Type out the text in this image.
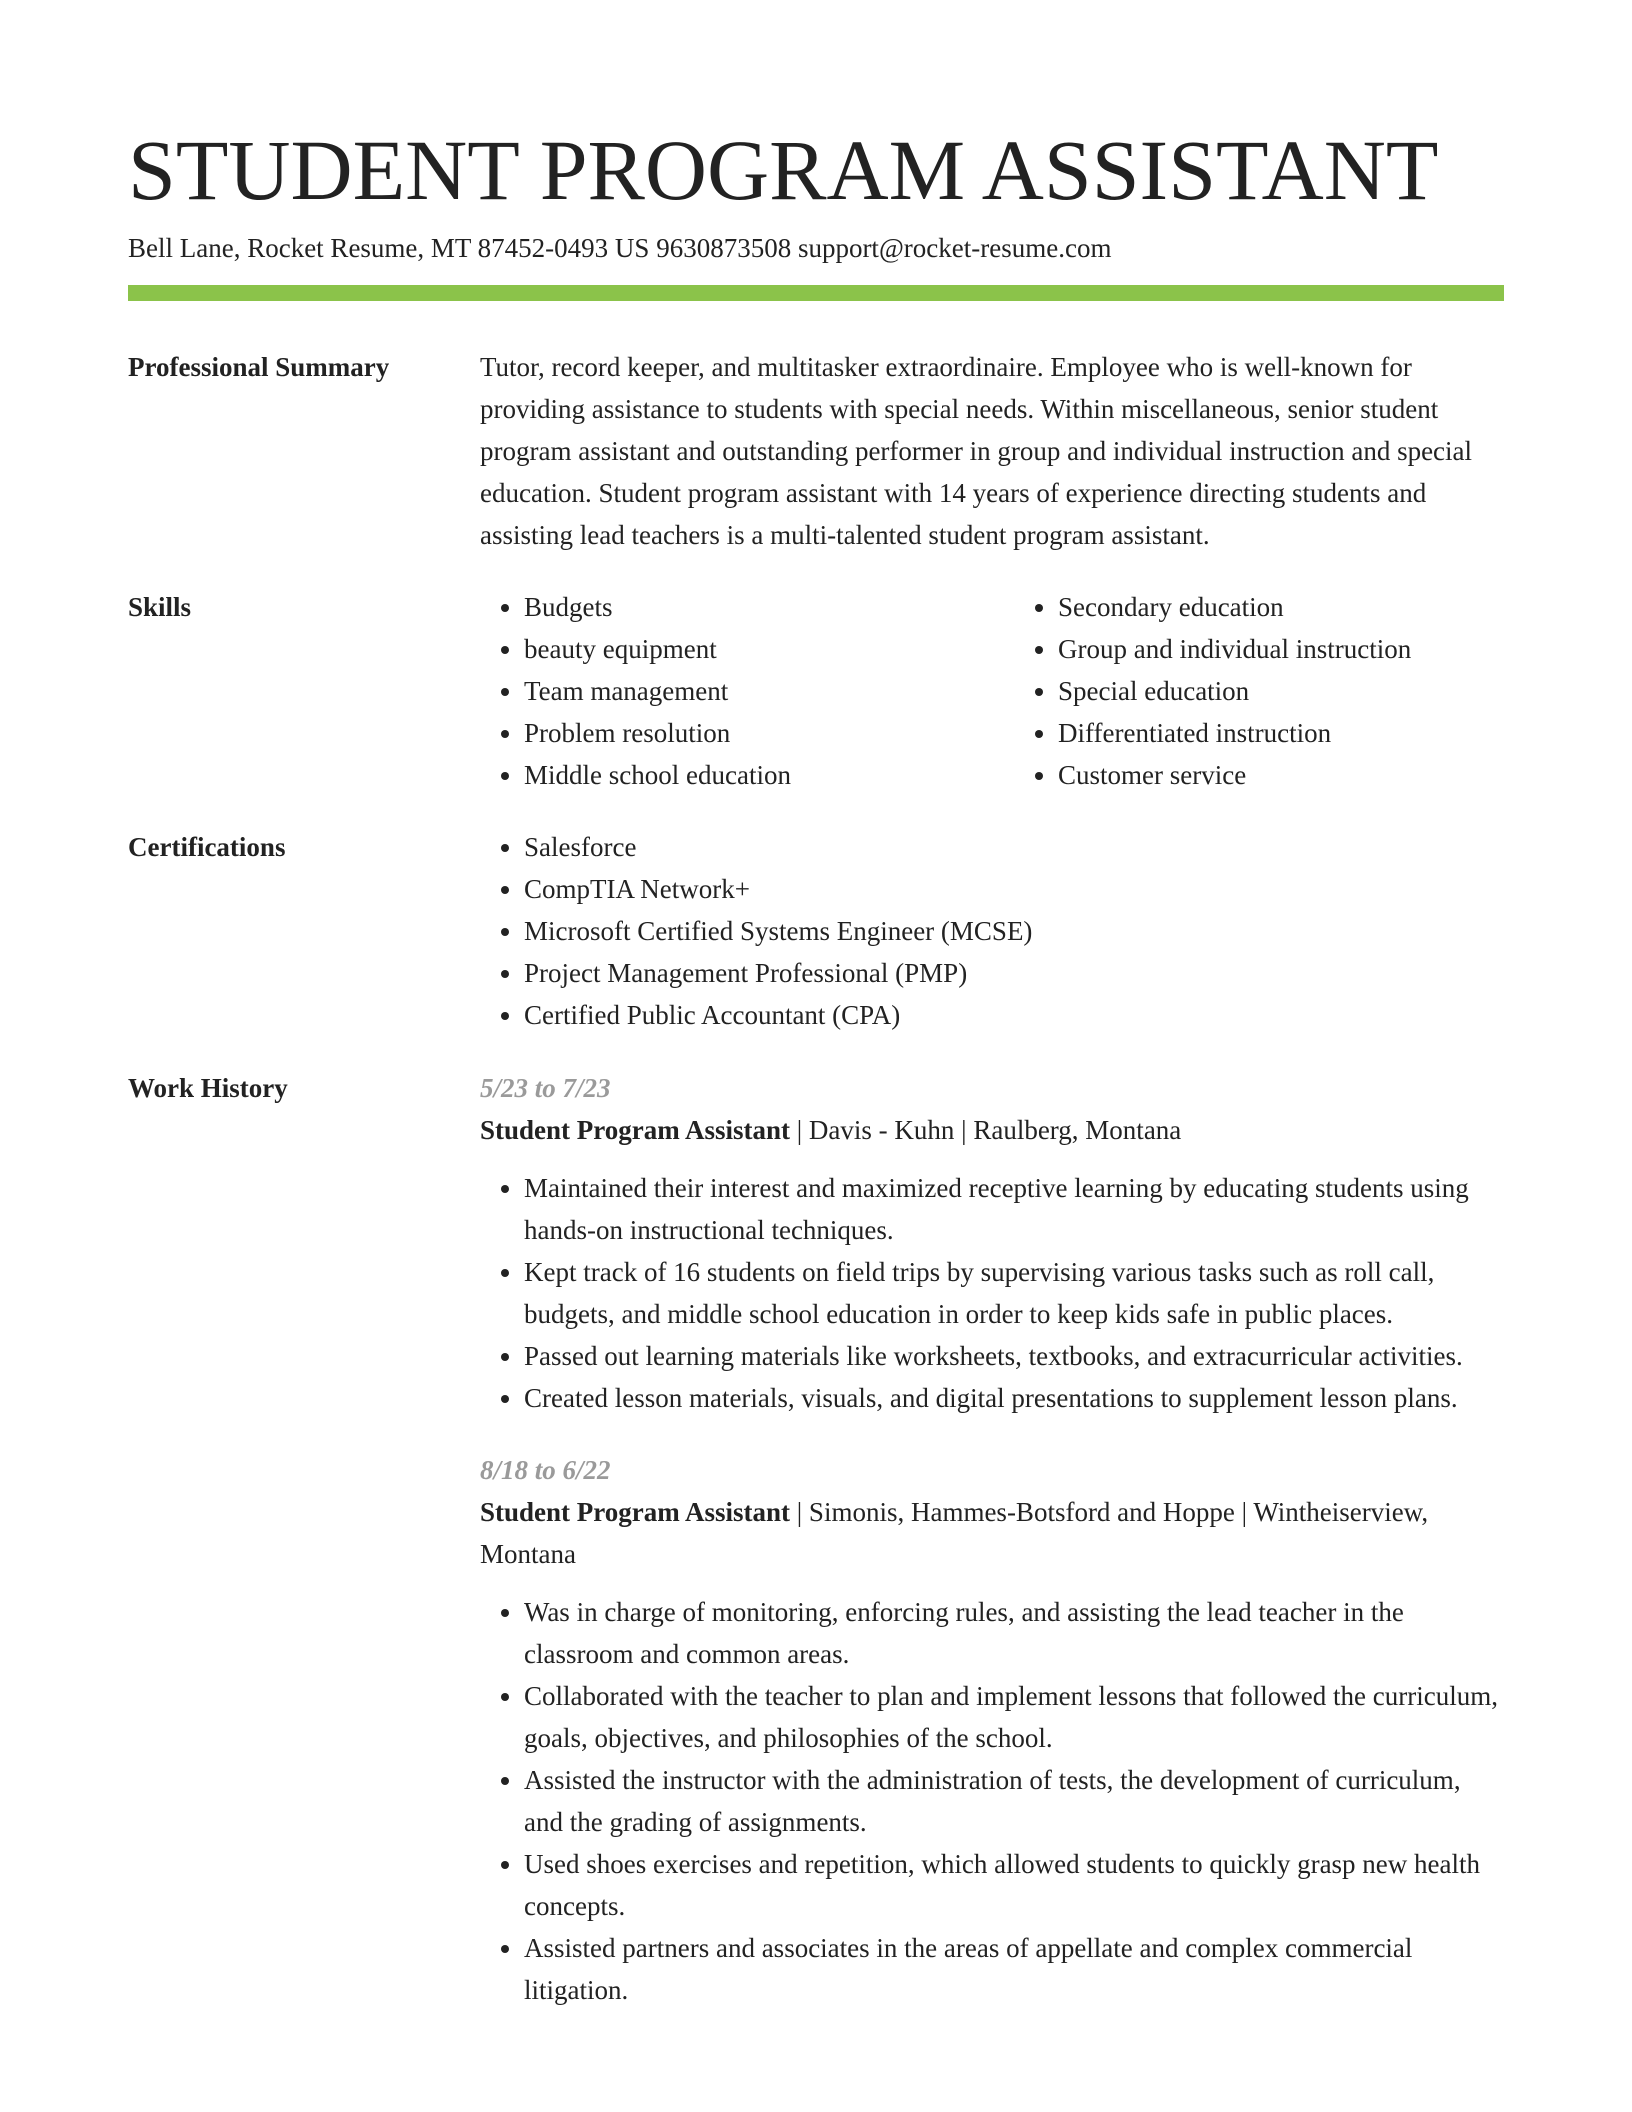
STUDENT PROGRAM ASSISTANT
Bell Lane, Rocket Resume, MT 87452-0493 US 9630873508 support@rocket-resume.com
Professional Summary	Tutor, record keeper, and multitasker extraordinaire. Employee who is well-known for providing assistance to students with special needs. Within miscellaneous, senior student program assistant and outstanding performer in group and individual instruction and special education. Student program assistant with 14 years of experience directing students and assisting lead teachers is a multi-talented student program assistant.

Skills	• Budgets
• beauty equipment
• Team management
• Problem resolution
• Middle school education
• Secondary education
• Group and individual instruction
• Special education
• Differentiated instruction
• Customer service
Certifications	• Salesforce
• CompTIA Network+
• Microsoft Certified Systems Engineer (MCSE)
• Project Management Professional (PMP)
• Certified Public Accountant (CPA)
Work History	5/23 to 7/23
Student Program Assistant | Davis - Kuhn | Raulberg, Montana
• Maintained their interest and maximized receptive learning by educating students using hands-on instructional techniques.
• Kept track of 16 students on field trips by supervising various tasks such as roll call, budgets, and middle school education in order to keep kids safe in public places.
• Passed out learning materials like worksheets, textbooks, and extracurricular activities.
• Created lesson materials, visuals, and digital presentations to supplement lesson plans.
8/18 to 6/22
Student Program Assistant | Simonis, Hammes-Botsford and Hoppe | Wintheiserview, Montana
• Was in charge of monitoring, enforcing rules, and assisting the lead teacher in the classroom and common areas.
• Collaborated with the teacher to plan and implement lessons that followed the curriculum, goals, objectives, and philosophies of the school.
• Assisted the instructor with the administration of tests, the development of curriculum, and the grading of assignments.
• Used shoes exercises and repetition, which allowed students to quickly grasp new health concepts.
• Assisted partners and associates in the areas of appellate and complex commercial litigation.
